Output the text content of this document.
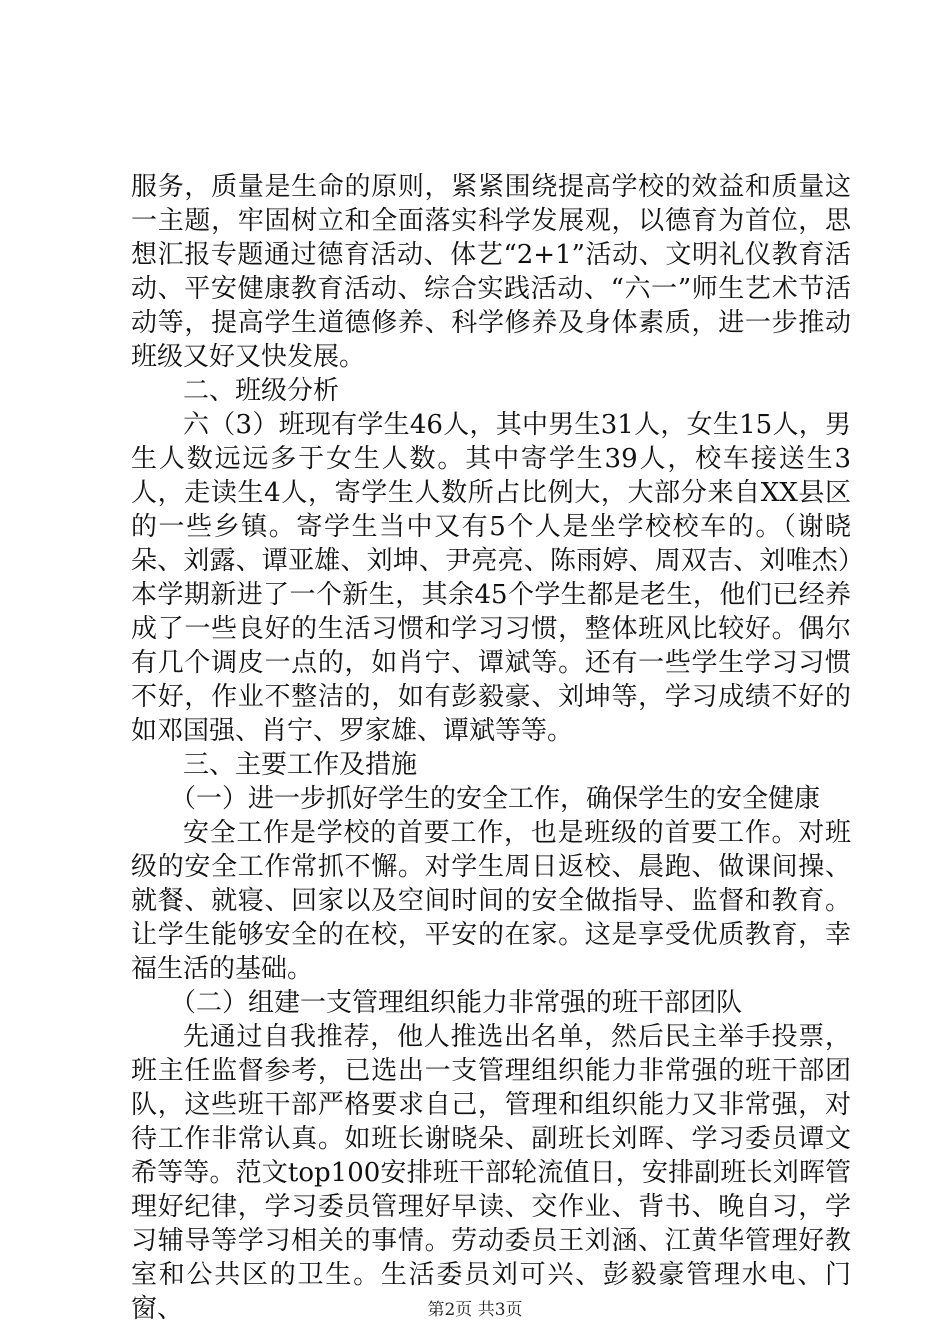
服务，质量是生命的原则，紧紧围绕提高学校的效益和质量这一主题，牢固树立和全面落实科学发展观，以德育为首位，思想汇报专题通过德育活动、体艺“2+1”活动、文明礼仪教育活动、平安健康教育活动、综合实践活动、“六一”师生艺术节活动等，提高学生道德修养、科学修养及身体素质，进一步推动班级又好又快发展。

二、班级分析

六（3）班现有学生46人，其中男生31人，女生15人，男生人数远远多于女生人数。其中寄学生39人，校车接送生3人，走读生4人，寄学生人数所占比例大，大部分来自XX县区的一些乡镇。寄学生当中又有5个人是坐学校校车的。（谢晓朵、刘露、谭亚雄、刘坤、尹亮亮、陈雨婷、周双吉、刘唯杰）本学期新进了一个新生，其余45个学生都是老生，他们已经养成了一些良好的生活习惯和学习习惯，整体班风比较好。偶尔有几个调皮一点的，如肖宁、谭斌等。还有一些学生学习习惯不好，作业不整洁的，如有彭毅豪、刘坤等，学习成绩不好的如邓国强、肖宁、罗家雄、谭斌等等。

三、主要工作及措施

（一）进一步抓好学生的安全工作，确保学生的安全健康

安全工作是学校的首要工作，也是班级的首要工作。对班级的安全工作常抓不懈。对学生周日返校、晨跑、做课间操、就餐、就寝、回家以及空间时间的安全做指导、监督和教育。让学生能够安全的在校，平安的在家。这是享受优质教育，幸福生活的基础。

（二）组建一支管理组织能力非常强的班干部团队

先通过自我推荐，他人推选出名单，然后民主举手投票，班主任监督参考，已选出一支管理组织能力非常强的班干部团队，这些班干部严格要求自己，管理和组织能力又非常强，对待工作非常认真。如班长谢晓朵、副班长刘晖、学习委员谭文希等等。范文top100安排班干部轮流值日，安排副班长刘晖管理好纪律，学习委员管理好早读、交作业、背书、晚自习，学习辅导等学习相关的事情。劳动委员王刘涵、江黄华管理好教室和公共区的卫生。生活委员刘可兴、彭毅豪管理水电、门窗、	第2页 共3页
